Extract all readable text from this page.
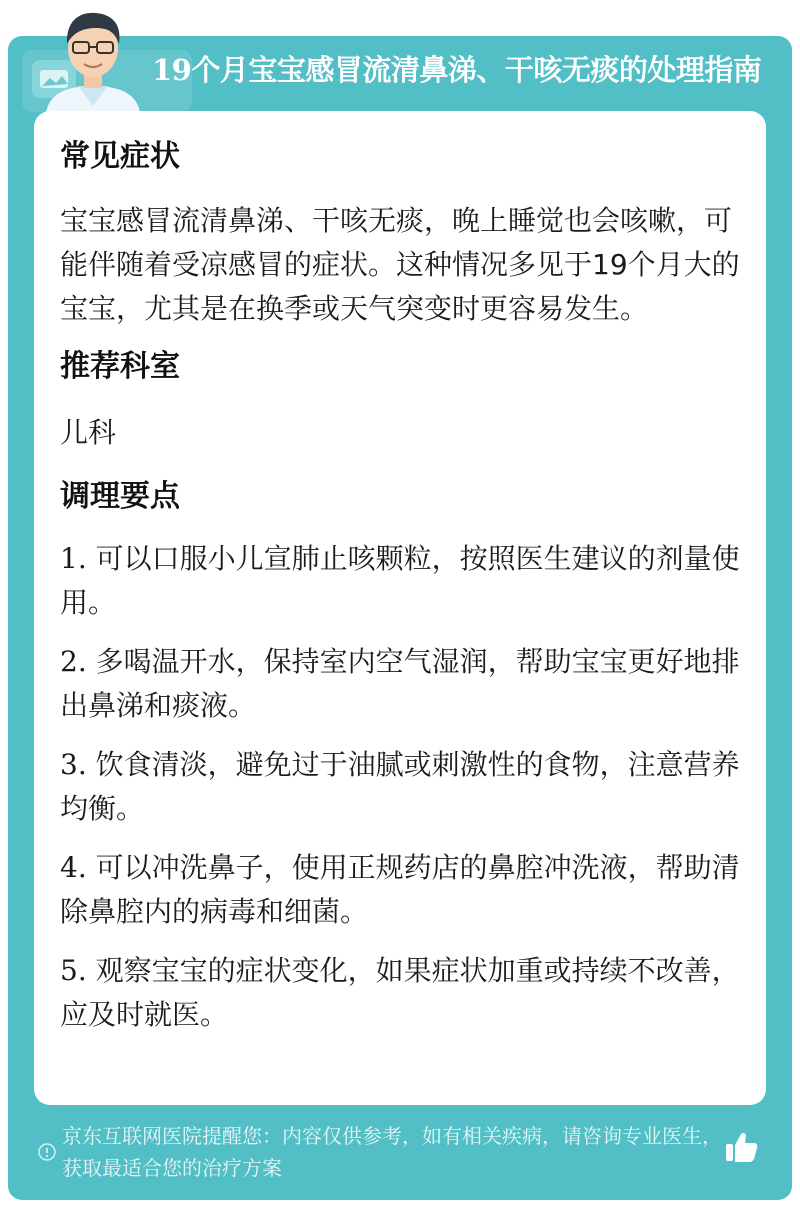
19个月宝宝感冒流清鼻涕、干咳无痰的处理指南
常见症状

宝宝感冒流清鼻涕、干咳无痰，晚上睡觉也会咳嗽，可能伴随着受凉感冒的症状。这种情况多见于19个月大的宝宝，尤其是在换季或天气突变时更容易发生。

推荐科室

儿科

调理要点
1. 可以口服小儿宣肺止咳颗粒，按照医生建议的剂量使用。
2. 多喝温开水，保持室内空气湿润，帮助宝宝更好地排出鼻涕和痰液。
3. 饮食清淡，避免过于油腻或刺激性的食物，注意营养均衡。
4. 可以冲洗鼻子，使用正规药店的鼻腔冲洗液，帮助清除鼻腔内的病毒和细菌。
5. 观察宝宝的症状变化，如果症状加重或持续不改善，应及时就医。

京东互联网医院提醒您：内容仅供参考，如有相关疾病，请咨询专业医生，获取最适合您的治疗方案
